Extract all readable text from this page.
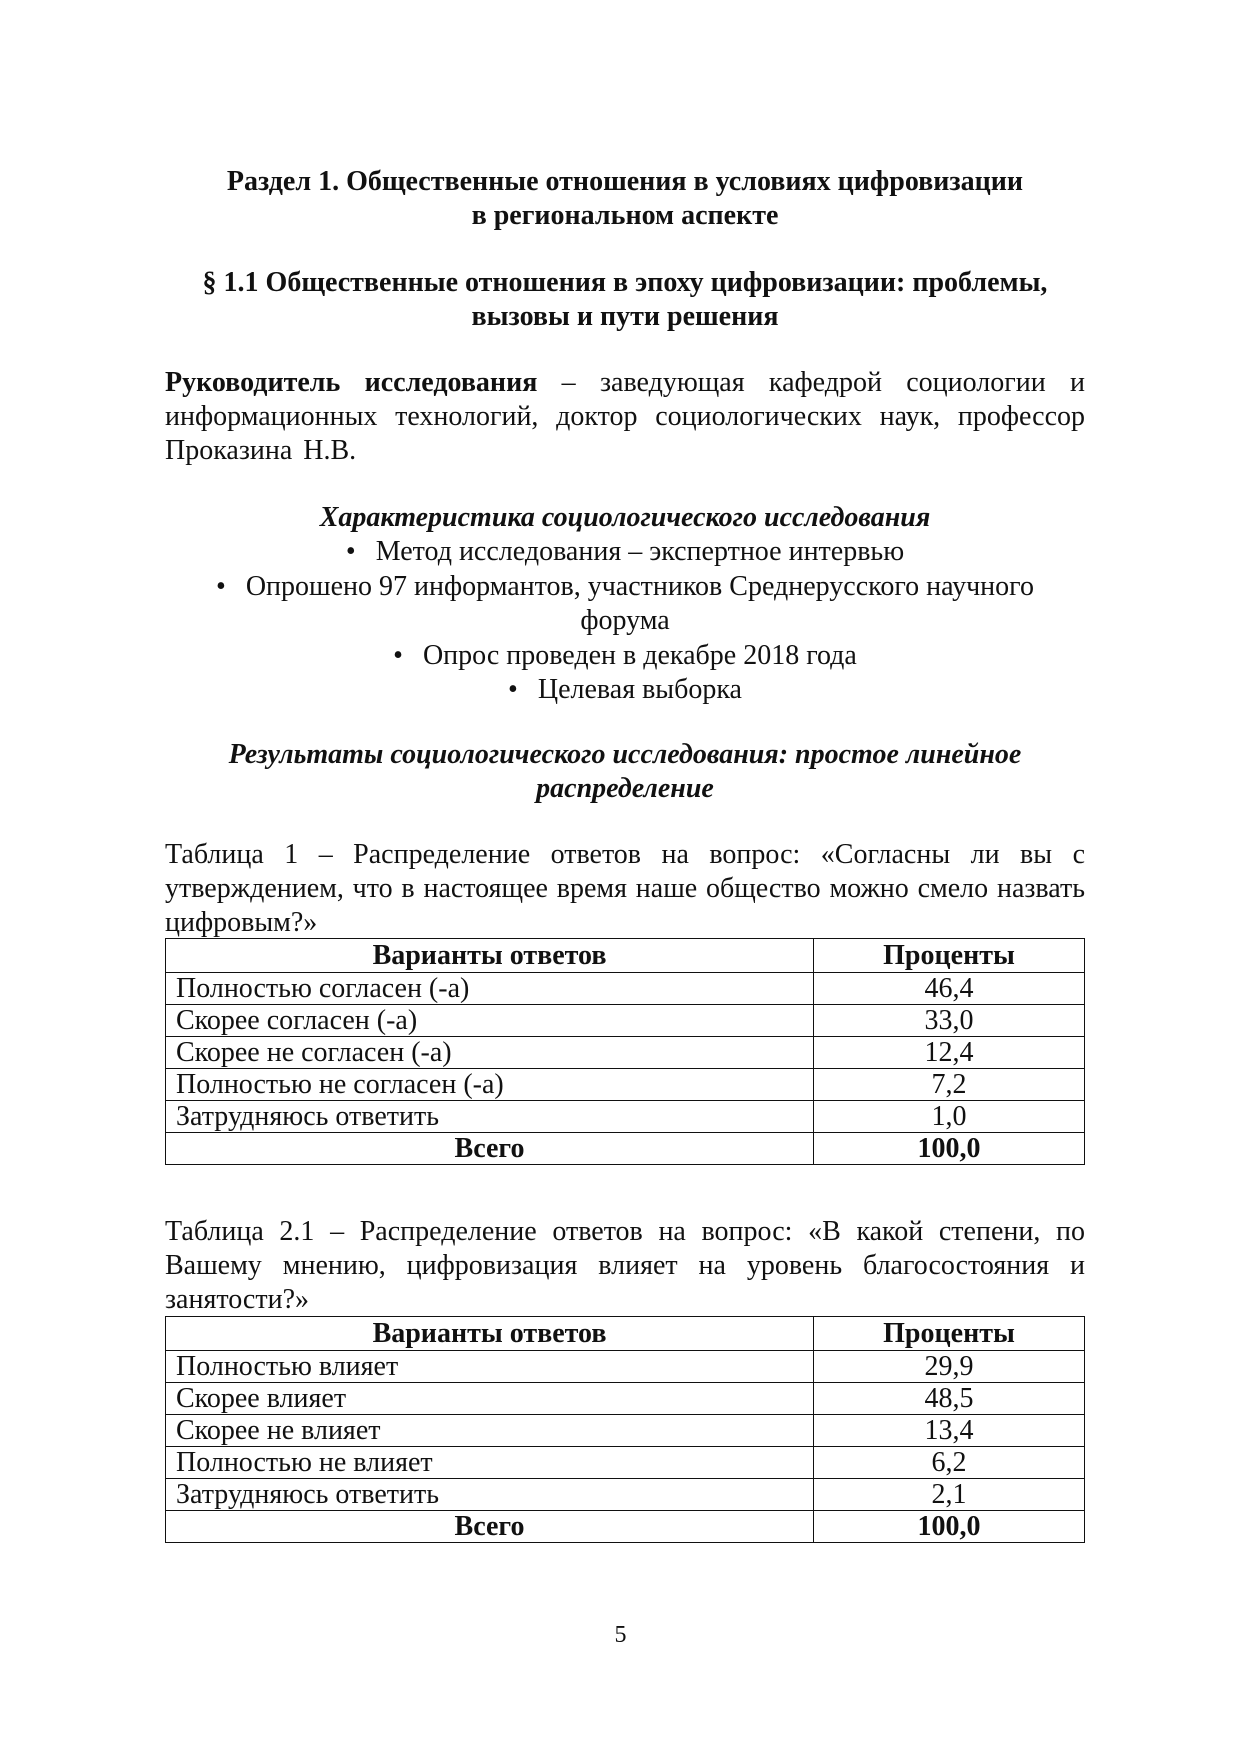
Раздел 1. Общественные отношения в условиях цифровизации
в региональном аспекте
§ 1.1 Общественные отношения в эпоху цифровизации: проблемы,
вызовы и пути решения
Руководитель исследования – заведующая кафедрой социологии и информационных технологий, доктор социологических наук, профессор Проказина Н.В.
Характеристика социологического исследования
• Метод исследования – экспертное интервью
• Опрошено 97 информантов, участников Среднерусского научного форума
• Опрос проведен в декабре 2018 года
• Целевая выборка
Результаты социологического исследования: простое линейное распределение
Таблица 1 – Распределение ответов на вопрос: «Согласны ли вы с утверждением, что в настоящее время наше общество можно смело назвать цифровым?»
Варианты ответов	Проценты
Полностью согласен (-а)	46,4
Скорее согласен (-а)	33,0
Скорее не согласен (-а)	12,4
Полностью не согласен (-а)	7,2
Затрудняюсь ответить	1,0
Всего	100,0
Таблица 2.1 – Распределение ответов на вопрос: «В какой степени, по Вашему мнению, цифровизация влияет на уровень благосостояния и занятости?»
Варианты ответов	Проценты
Полностью влияет	29,9
Скорее влияет	48,5
Скорее не влияет	13,4
Полностью не влияет	6,2
Затрудняюсь ответить	2,1
Всего	100,0
5
